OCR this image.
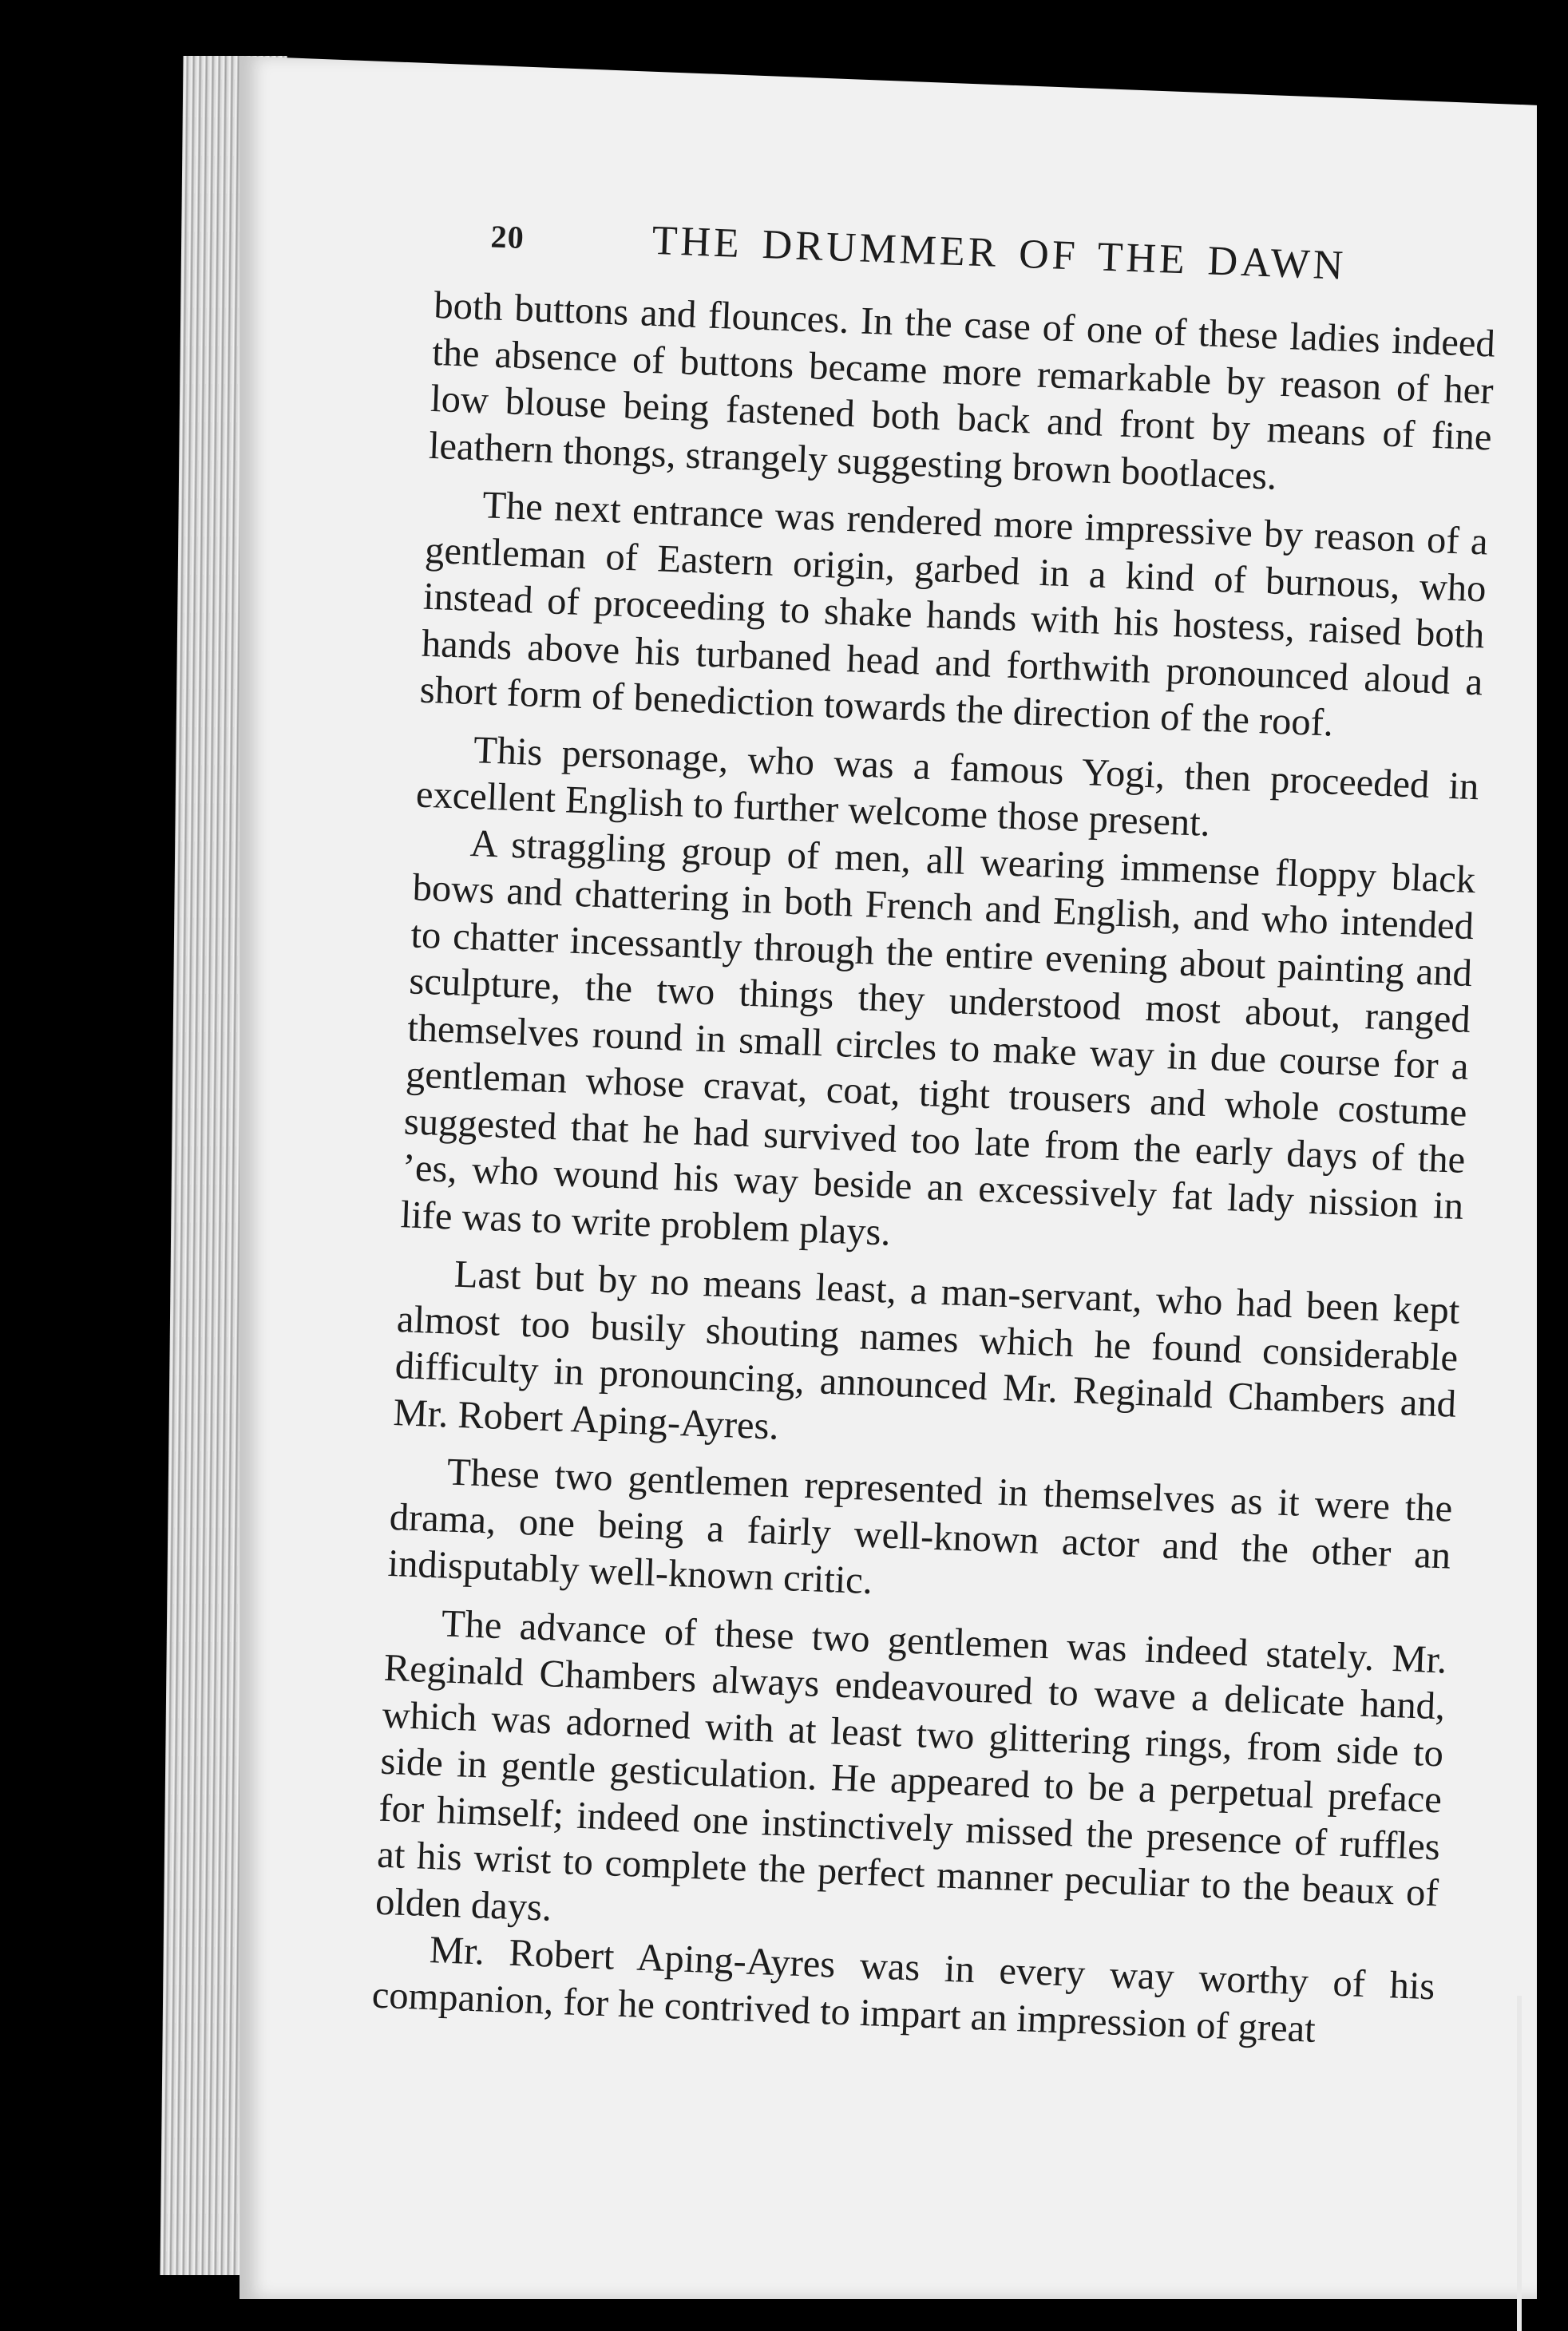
20	THE DRUMMER OF THE DAWN

both buttons and flounces. In the case of one of these ladies indeed the absence of buttons became more remarkable by reason of her low blouse being fastened both back and front by means of fine leathern thongs, strangely suggesting brown bootlaces.

The next entrance was rendered more impressive by reason of a gentleman of Eastern origin, garbed in a kind of burnous, who instead of proceeding to shake hands with his hostess, raised both hands above his turbaned head and forthwith pronounced aloud a short form of benediction towards the direction of the roof.

This personage, who was a famous Yogi, then proceeded in excellent English to further welcome those present.

A straggling group of men, all wearing immense floppy black bows and chattering in both French and English, and who intended to chatter incessantly through the entire evening about painting and sculpture, the two things they understood most about, ranged themselves round in small circles to make way in due course for a gentleman whose cravat, coat, tight trousers and whole costume suggested that he had survived too late from the early days of the ’es, who wound his way beside an excessively fat lady nission in life was to write problem plays.

Last but by no means least, a man-servant, who had been kept almost too busily shouting names which he found considerable difficulty in pronouncing, announced Mr. Reginald Chambers and Mr. Robert Aping-Ayres.

These two gentlemen represented in themselves as it were the drama, one being a fairly well-known actor and the other an indisputably well-known critic.

The advance of these two gentlemen was indeed stately. Mr. Reginald Chambers always endeavoured to wave a delicate hand, which was adorned with at least two glittering rings, from side to side in gentle gesticulation. He appeared to be a perpetual preface for himself; indeed one instinctively missed the presence of ruffles at his wrist to complete the perfect manner peculiar to the beaux of olden days.

Mr. Robert Aping-Ayres was in every way worthy of his companion, for he contrived to impart an impression of great
